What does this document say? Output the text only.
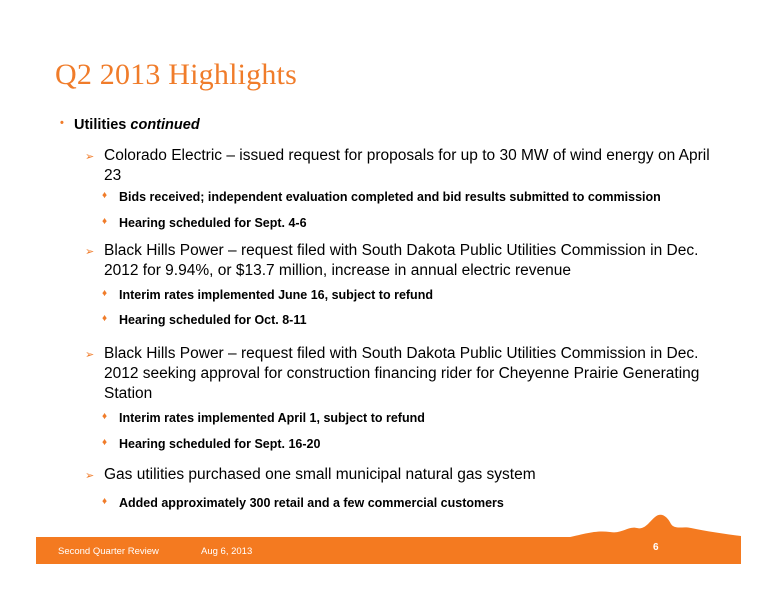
Q2 2013 Highlights
• Utilities continued
➢ Colorado Electric – issued request for proposals for up to 30 MW of wind energy on April 23
♦ Bids received; independent evaluation completed and bid results submitted to commission
♦ Hearing scheduled for Sept. 4-6
➢ Black Hills Power – request filed with South Dakota Public Utilities Commission in Dec. 2012 for 9.94%, or $13.7 million, increase in annual electric revenue
♦ Interim rates implemented June 16, subject to refund
♦ Hearing scheduled for Oct. 8-11
➢ Black Hills Power – request filed with South Dakota Public Utilities Commission in Dec. 2012 seeking approval for construction financing rider for Cheyenne Prairie Generating Station
♦ Interim rates implemented April 1, subject to refund
♦ Hearing scheduled for Sept. 16-20
➢ Gas utilities purchased one small municipal natural gas system
♦ Added approximately 300 retail and a few commercial customers
Second Quarter Review	Aug 6, 2013	6
